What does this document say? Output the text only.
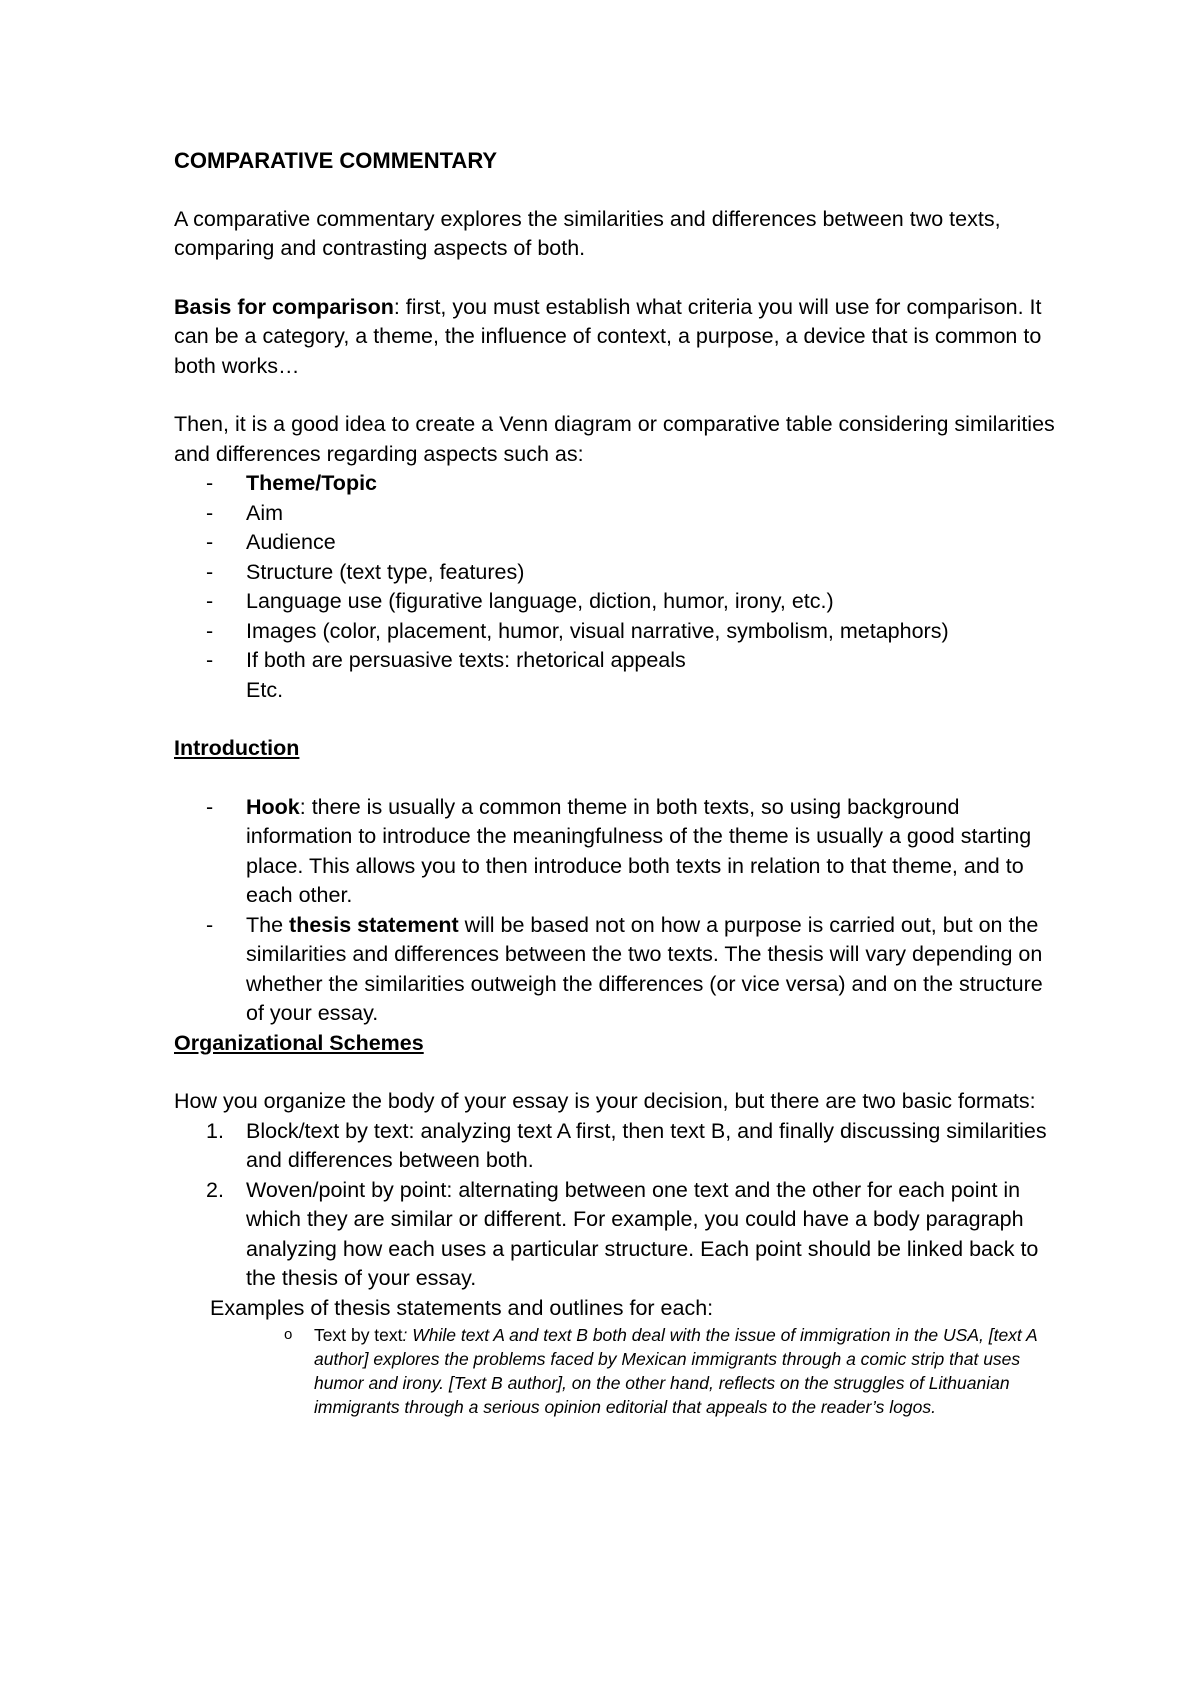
COMPARATIVE COMMENTARY

A comparative commentary explores the similarities and differences between two texts, comparing and contrasting aspects of both.

Basis for comparison: first, you must establish what criteria you will use for comparison. It can be a category, a theme, the influence of context, a purpose, a device that is common to both works…

Then, it is a good idea to create a Venn diagram or comparative table considering similarities and differences regarding aspects such as:

- Theme/Topic
- Aim
- Audience
- Structure (text type, features)
- Language use (figurative language, diction, humor, irony, etc.)
- Images (color, placement, humor, visual narrative, symbolism, metaphors)
- If both are persuasive texts: rhetorical appeals

Etc.

Introduction

- Hook: there is usually a common theme in both texts, so using background information to introduce the meaningfulness of the theme is usually a good starting place. This allows you to then introduce both texts in relation to that theme, and to each other.
- The thesis statement will be based not on how a purpose is carried out, but on the similarities and differences between the two texts. The thesis will vary depending on whether the similarities outweigh the differences (or vice versa) and on the structure of your essay.

Organizational Schemes

How you organize the body of your essay is your decision, but there are two basic formats:

1. Block/text by text: analyzing text A first, then text B, and finally discussing similarities and differences between both.
2. Woven/point by point: alternating between one text and the other for each point in which they are similar or different. For example, you could have a body paragraph analyzing how each uses a particular structure. Each point should be linked back to the thesis of your essay.

Examples of thesis statements and outlines for each:

o Text by text: While text A and text B both deal with the issue of immigration in the USA, [text A author] explores the problems faced by Mexican immigrants through a comic strip that uses humor and irony. [Text B author], on the other hand, reflects on the struggles of Lithuanian immigrants through a serious opinion editorial that appeals to the reader’s logos.
